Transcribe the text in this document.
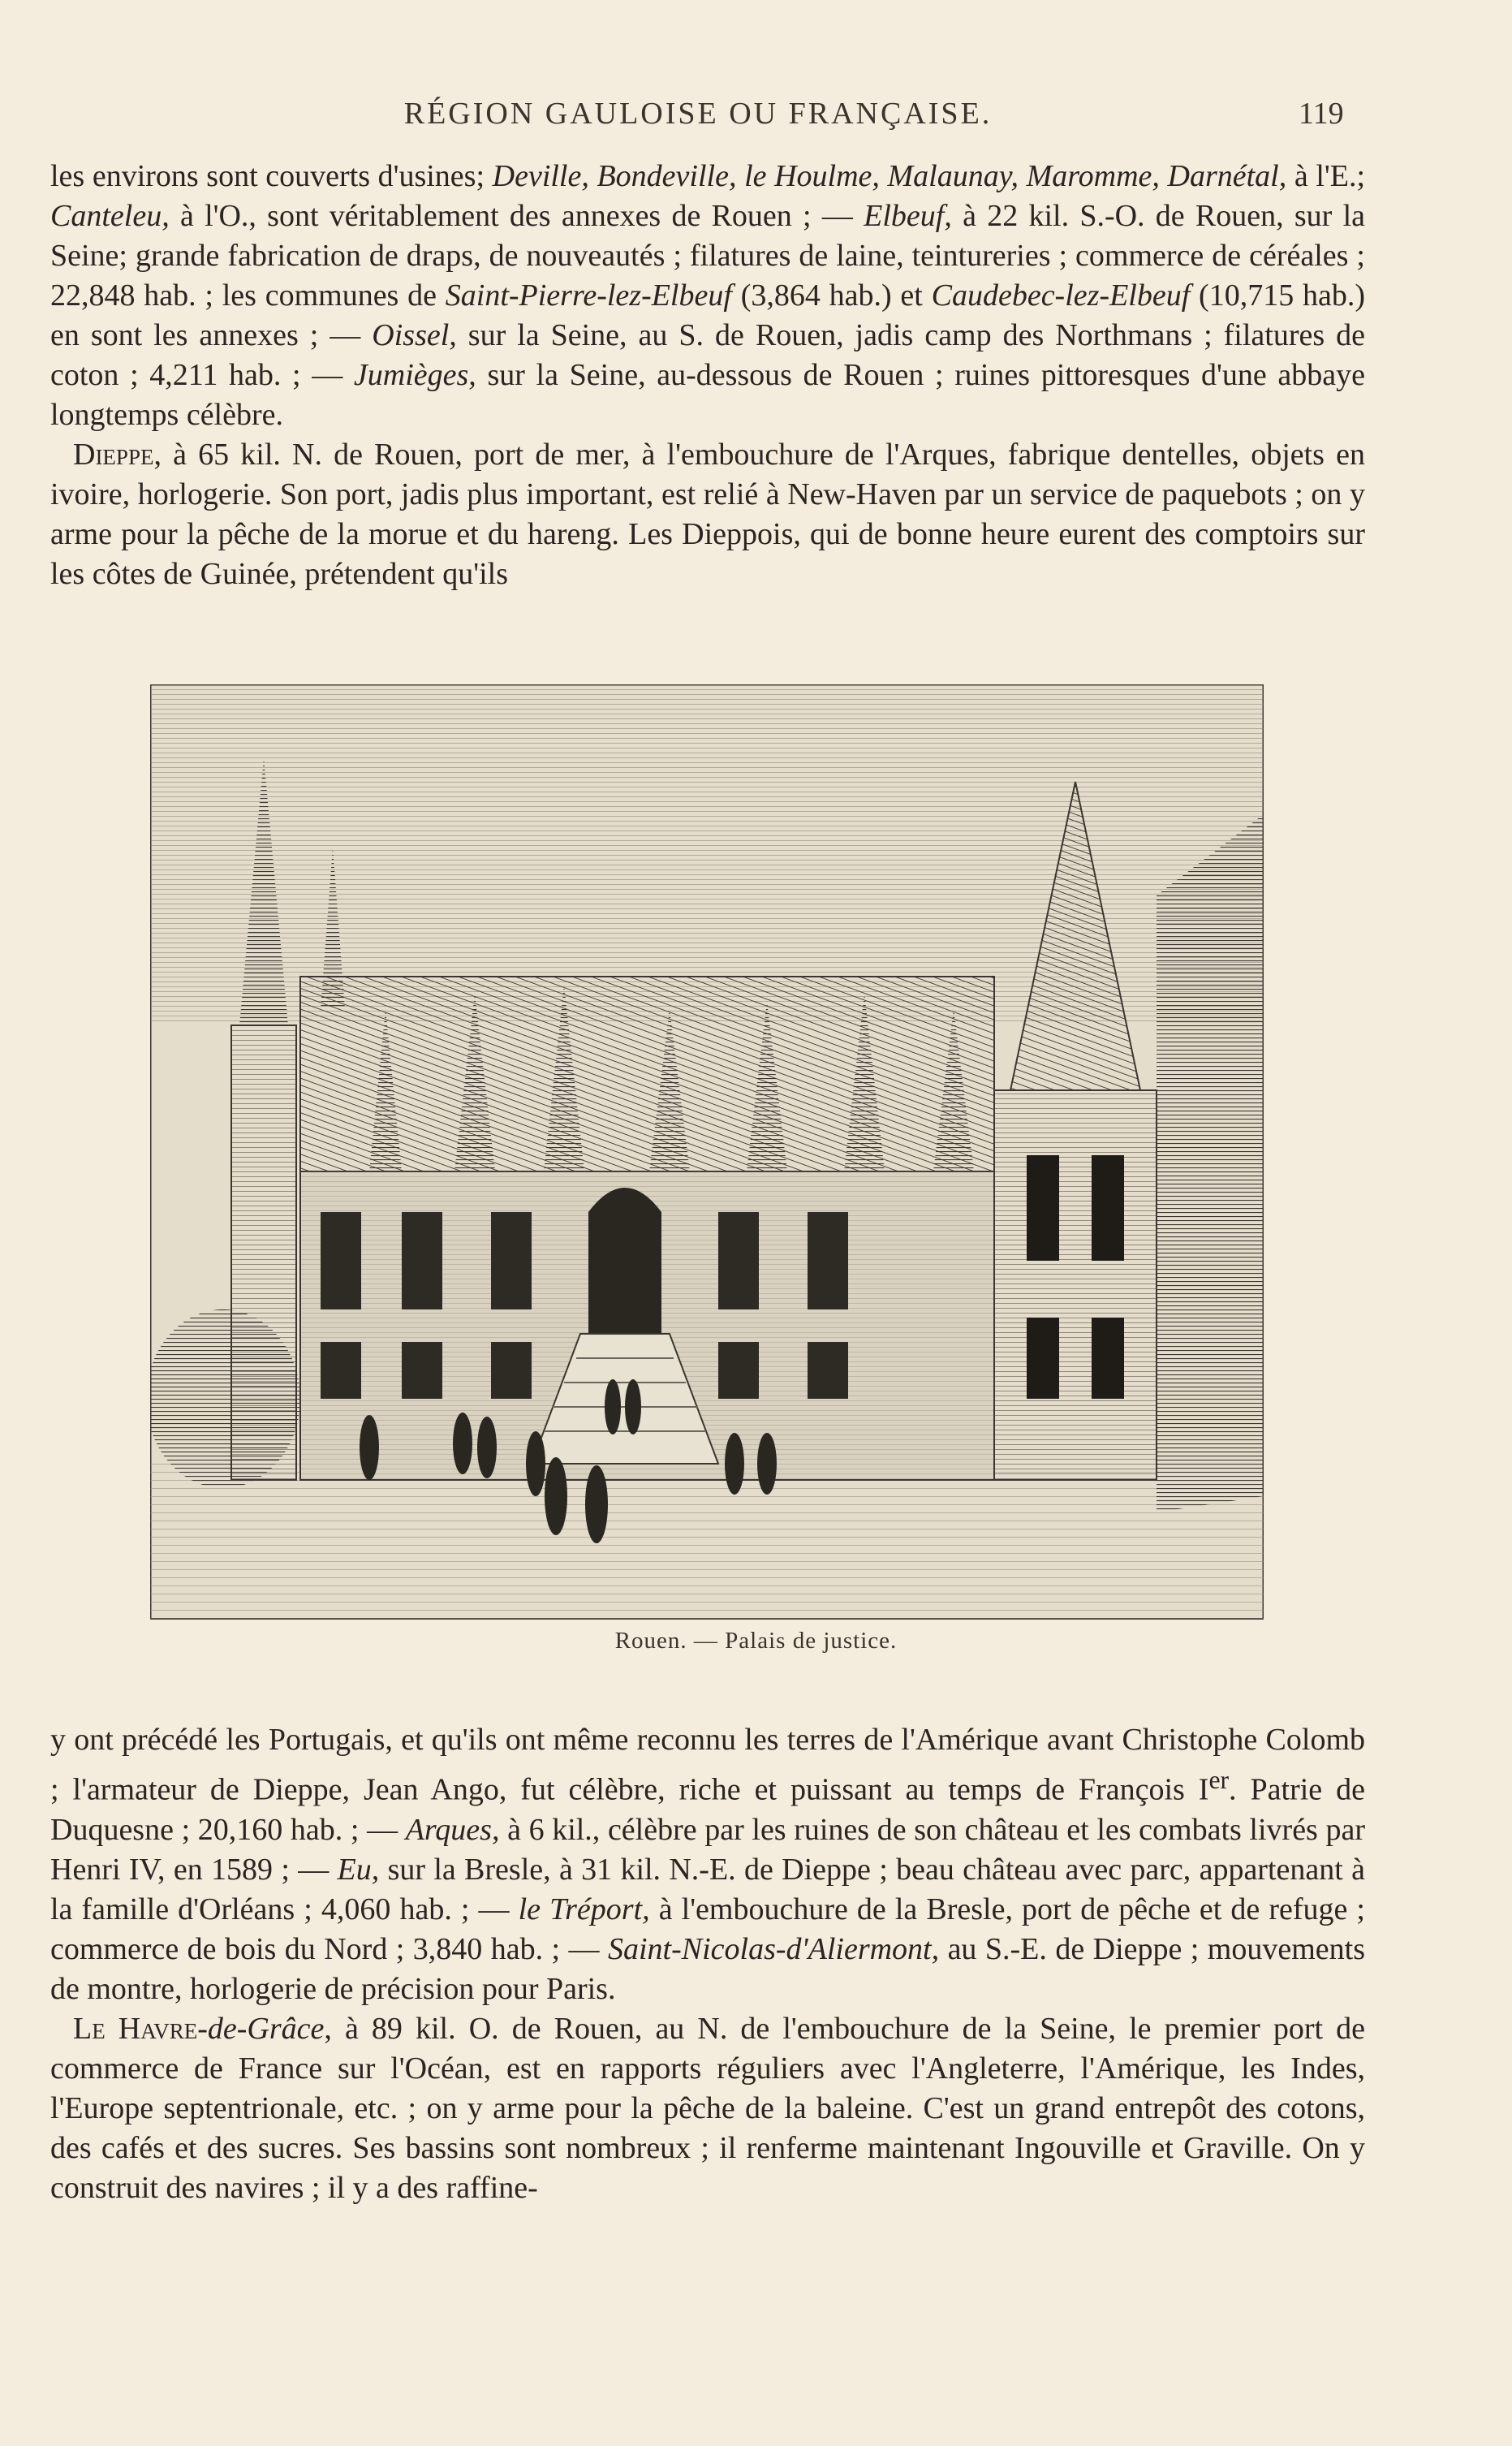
RÉGION GAULOISE OU FRANÇAISE.	119

les environs sont couverts d'usines; Deville, Bondeville, le Houlme, Malaunay, Maromme, Darnétal, à l'E.; Canteleu, à l'O., sont véritablement des annexes de Rouen ; — Elbeuf, à 22 kil. S.-O. de Rouen, sur la Seine; grande fabrication de draps, de nouveautés ; filatures de laine, teintureries ; commerce de céréales ; 22,848 hab. ; les communes de Saint-Pierre-lez-Elbeuf (3,864 hab.) et Caudebec-lez-Elbeuf (10,715 hab.) en sont les annexes ; — Oissel, sur la Seine, au S. de Rouen, jadis camp des Northmans ; filatures de coton ; 4,211 hab. ; — Jumièges, sur la Seine, au-dessous de Rouen ; ruines pittoresques d'une abbaye longtemps célèbre.

Dieppe, à 65 kil. N. de Rouen, port de mer, à l'embouchure de l'Arques, fabrique dentelles, objets en ivoire, horlogerie. Son port, jadis plus important, est relié à New-Haven par un service de paquebots ; on y arme pour la pêche de la morue et du hareng. Les Dieppois, qui de bonne heure eurent des comptoirs sur les côtes de Guinée, prétendent qu'ils

Rouen. — Palais de justice.

y ont précédé les Portugais, et qu'ils ont même reconnu les terres de l'Amérique avant Christophe Colomb ; l'armateur de Dieppe, Jean Ango, fut célèbre, riche et puissant au temps de François Ier. Patrie de Duquesne ; 20,160 hab. ; — Arques, à 6 kil., célèbre par les ruines de son château et les combats livrés par Henri IV, en 1589 ; — Eu, sur la Bresle, à 31 kil. N.-E. de Dieppe ; beau château avec parc, appartenant à la famille d'Orléans ; 4,060 hab. ; — le Tréport, à l'embouchure de la Bresle, port de pêche et de refuge ; commerce de bois du Nord ; 3,840 hab. ; — Saint-Nicolas-d'Aliermont, au S.-E. de Dieppe ; mouvements de montre, horlogerie de précision pour Paris.

Le Havre-de-Grâce, à 89 kil. O. de Rouen, au N. de l'embouchure de la Seine, le premier port de commerce de France sur l'Océan, est en rapports réguliers avec l'Angleterre, l'Amérique, les Indes, l'Europe septentrionale, etc. ; on y arme pour la pêche de la baleine. C'est un grand entrepôt des cotons, des cafés et des sucres. Ses bassins sont nombreux ; il renferme maintenant Ingouville et Graville. On y construit des navires ; il y a des raffine-
